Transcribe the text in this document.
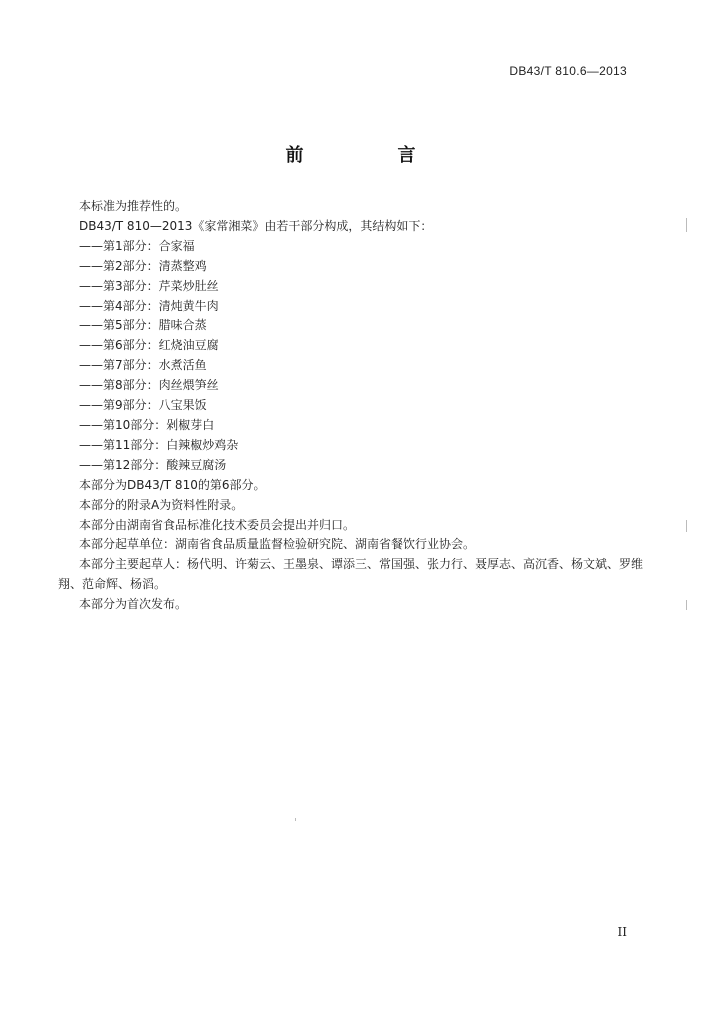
DB43/T 810.6—2013
前　言
本标准为推荐性的。
DB43/T 810—2013《家常湘菜》由若干部分构成，其结构如下：
——第1部分：合家福
——第2部分：清蒸整鸡
——第3部分：芹菜炒肚丝
——第4部分：清炖黄牛肉
——第5部分：腊味合蒸
——第6部分：红烧油豆腐
——第7部分：水煮活鱼
——第8部分：肉丝煨笋丝
——第9部分：八宝果饭
——第10部分：剁椒芽白
——第11部分：白辣椒炒鸡杂
——第12部分：酸辣豆腐汤
本部分为DB43/T 810的第6部分。
本部分的附录A为资料性附录。
本部分由湖南省食品标准化技术委员会提出并归口。
本部分起草单位：湖南省食品质量监督检验研究院、湖南省餐饮行业协会。
本部分主要起草人：杨代明、许菊云、王墨泉、谭添三、常国强、张力行、聂厚志、高沉香、杨文斌、罗维翔、范命辉、杨滔。
本部分为首次发布。
II
